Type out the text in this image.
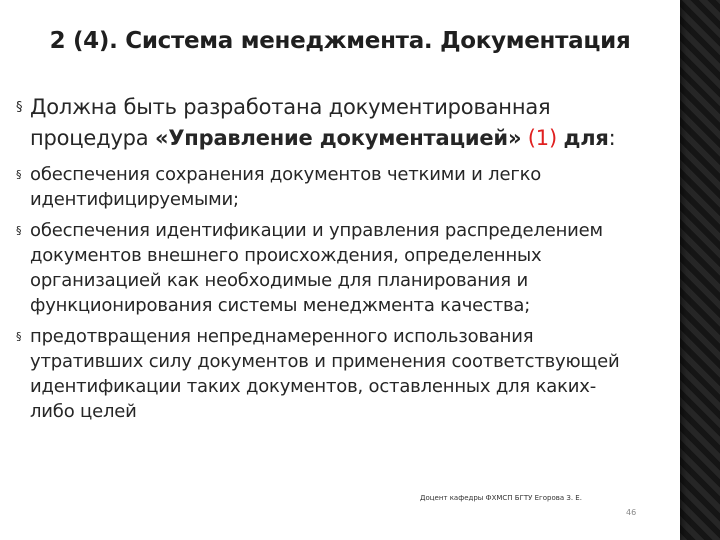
2 (4). Система менеджмента. Документация
§ Должна быть разработана документированная
процедура «Управление документацией» (1) для:
§ обеспечения сохранения документов четкими и легко
идентифицируемыми;
§ обеспечения идентификации и управления распределением
документов внешнего происхождения, определенных
организацией как необходимые для планирования и
функционирования системы менеджмента качества;
§ предотвращения непреднамеренного использования
утративших силу документов и применения соответствующей
идентификации таких документов, оставленных для каких-
либо целей
Доцент кафедры ФХМСП БГТУ Егорова З. Е.
46
